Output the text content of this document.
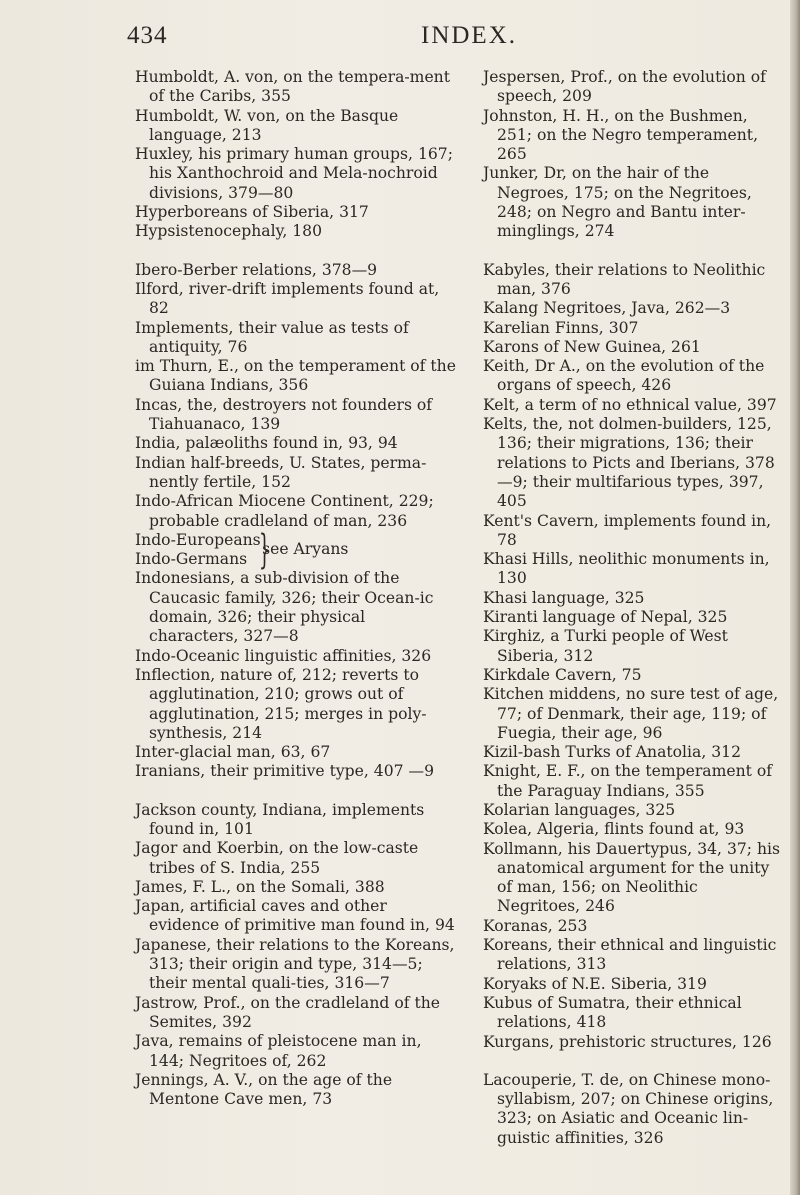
434	INDEX.
Humboldt, A. von, on the tempera-ment of the Caribs, 355
Humboldt, W. von, on the Basque language, 213
Huxley, his primary human groups, 167; his Xanthochroid and Mela-nochroid divisions, 379—80
Hyperboreans of Siberia, 317
Hypsistenocephaly, 180
Ibero-Berber relations, 378—9
Ilford, river-drift implements found at, 82
Implements, their value as tests of antiquity, 76
im Thurn, E., on the temperament of the Guiana Indians, 356
Incas, the, destroyers not founders of Tiahuanaco, 139
India, palæoliths found in, 93, 94
Indian half-breeds, U. States, perma-nently fertile, 152
Indo-African Miocene Continent, 229; probable cradleland of man, 236
Indo-Europeans
Indo-Germans }
see Aryans
Indonesians, a sub-division of the Caucasic family, 326; their Ocean-ic domain, 326; their physical characters, 327—8
Indo-Oceanic linguistic affinities, 326
Inflection, nature of, 212; reverts to agglutination, 210; grows out of agglutination, 215; merges in poly-synthesis, 214
Inter-glacial man, 63, 67
Iranians, their primitive type, 407 —9
Jackson county, Indiana, implements found in, 101
Jagor and Koerbin, on the low-caste tribes of S. India, 255
James, F. L., on the Somali, 388
Japan, artificial caves and other evidence of primitive man found in, 94
Japanese, their relations to the Koreans, 313; their origin and type, 314—5; their mental quali-ties, 316—7
Jastrow, Prof., on the cradleland of the Semites, 392
Java, remains of pleistocene man in, 144; Negritoes of, 262
Jennings, A. V., on the age of the Mentone Cave men, 73
Jespersen, Prof., on the evolution of speech, 209
Johnston, H. H., on the Bushmen, 251; on the Negro temperament, 265
Junker, Dr, on the hair of the Negroes, 175; on the Negritoes, 248; on Negro and Bantu inter-minglings, 274
Kabyles, their relations to Neolithic man, 376
Kalang Negritoes, Java, 262—3
Karelian Finns, 307
Karons of New Guinea, 261
Keith, Dr A., on the evolution of the organs of speech, 426
Kelt, a term of no ethnical value, 397
Kelts, the, not dolmen-builders, 125, 136; their migrations, 136; their relations to Picts and Iberians, 378 —9; their multifarious types, 397, 405
Kent's Cavern, implements found in, 78
Khasi Hills, neolithic monuments in, 130
Khasi language, 325
Kiranti language of Nepal, 325
Kirghiz, a Turki people of West Siberia, 312
Kirkdale Cavern, 75
Kitchen middens, no sure test of age, 77; of Denmark, their age, 119; of Fuegia, their age, 96
Kizil-bash Turks of Anatolia, 312
Knight, E. F., on the temperament of the Paraguay Indians, 355
Kolarian languages, 325
Kolea, Algeria, flints found at, 93
Kollmann, his Dauertypus, 34, 37; his anatomical argument for the unity of man, 156; on Neolithic Negritoes, 246
Koranas, 253
Koreans, their ethnical and linguistic relations, 313
Koryaks of N.E. Siberia, 319
Kubus of Sumatra, their ethnical relations, 418
Kurgans, prehistoric structures, 126
Lacouperie, T. de, on Chinese mono-syllabism, 207; on Chinese origins, 323; on Asiatic and Oceanic lin-guistic affinities, 326
